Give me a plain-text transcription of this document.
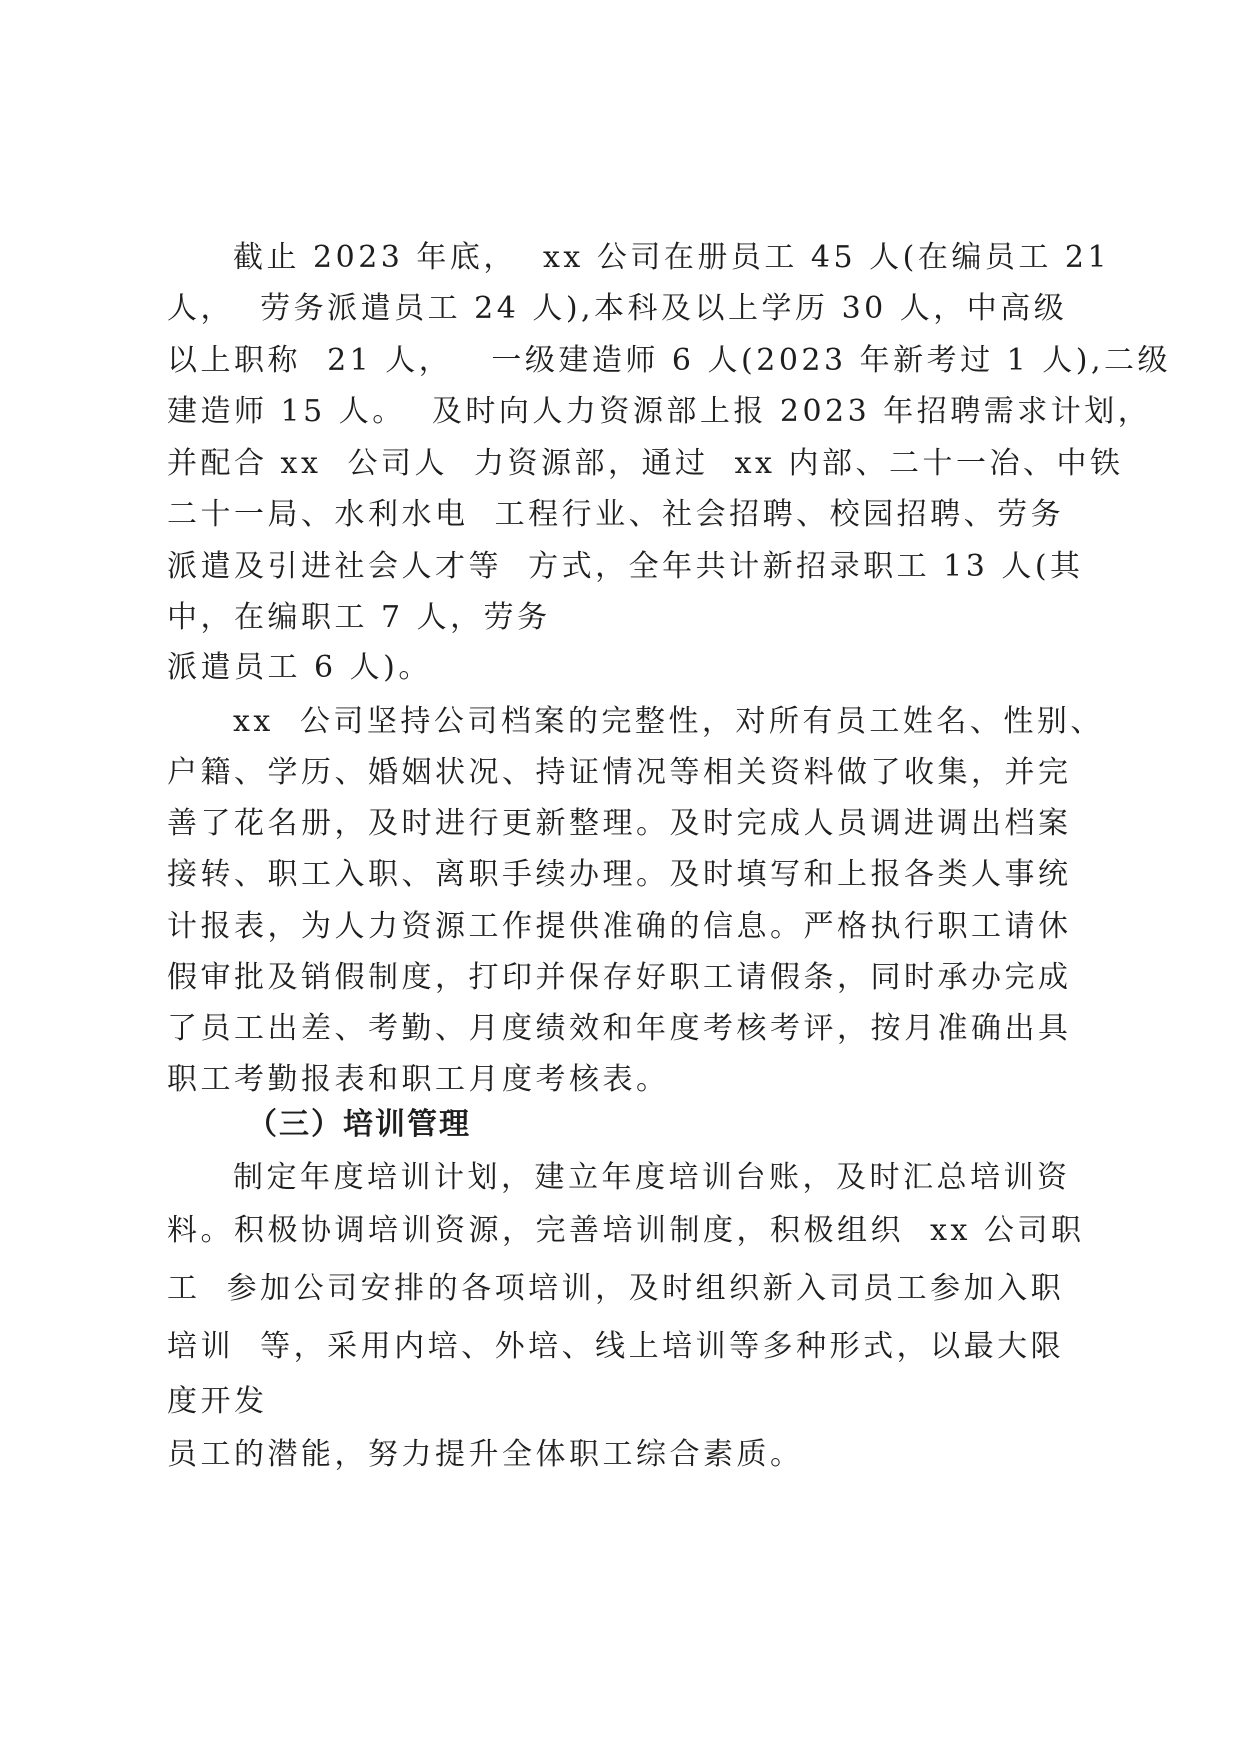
截止 2023 年底，  xx 公司在册员工 45 人(在编员工 21
人，  劳务派遣员工 24 人),本科及以上学历 30 人，中高级
以上职称  21 人，   一级建造师 6 人(2023 年新考过 1 人),二级
建造师 15 人。  及时向人力资源部上报 2023 年招聘需求计划，
并配合 xx  公司人  力资源部，通过  xx 内部、二十一冶、中铁
二十一局、水利水电  工程行业、社会招聘、校园招聘、劳务
派遣及引进社会人才等  方式，全年共计新招录职工 13 人(其
中，在编职工 7 人，劳务
派遣员工 6 人)。
xx  公司坚持公司档案的完整性，对所有员工姓名、性别、
户籍、学历、婚姻状况、持证情况等相关资料做了收集，并完
善了花名册，及时进行更新整理。及时完成人员调进调出档案
接转、职工入职、离职手续办理。及时填写和上报各类人事统
计报表，为人力资源工作提供准确的信息。严格执行职工请休
假审批及销假制度，打印并保存好职工请假条，同时承办完成
了员工出差、考勤、月度绩效和年度考核考评，按月准确出具
职工考勤报表和职工月度考核表。
（三）培训管理
制定年度培训计划，建立年度培训台账，及时汇总培训资
料。积极协调培训资源，完善培训制度，积极组织  xx 公司职
工  参加公司安排的各项培训，及时组织新入司员工参加入职
培训  等，采用内培、外培、线上培训等多种形式，以最大限
度开发
员工的潜能，努力提升全体职工综合素质。
